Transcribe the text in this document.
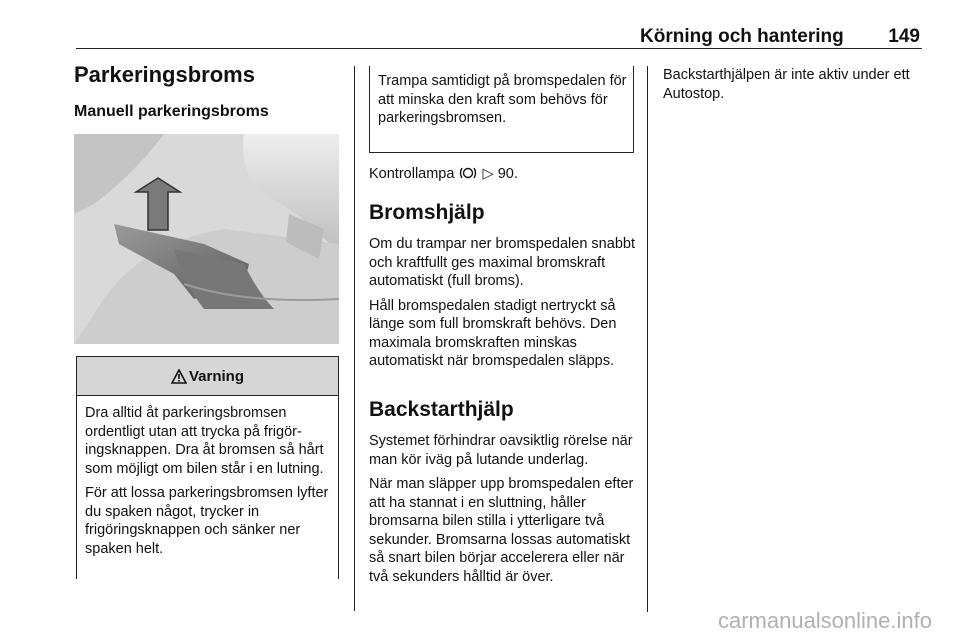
Körning och hantering 149
Parkeringsbroms
Manuell parkeringsbroms
Varning

Dra alltid åt parkeringsbromsen ordentligt utan att trycka på frigöringsknappen. Dra åt bromsen så hårt som möjligt om bilen står i en lutning.

För att lossa parkeringsbromsen lyfter du spaken något, trycker in frigöringsknappen och sänker ner spaken helt.

Trampa samtidigt på bromspedalen för att minska den kraft som behövs för parkeringsbromsen.
Kontrollampa ▷ 90.
Bromshjälp

Om du trampar ner bromspedalen snabbt och kraftfullt ges maximal bromskraft automatiskt (full broms).

Håll bromspedalen stadigt nertryckt så länge som full bromskraft behövs. Den maximala bromskraften minskas automatiskt när bromspedalen släpps.

Backstarthjälp

Systemet förhindrar oavsiktlig rörelse när man kör iväg på lutande underlag.

När man släpper upp bromspedalen efter att ha stannat i en sluttning, håller bromsarna bilen stilla i ytterligare två sekunder. Bromsarna lossas automatiskt så snart bilen börjar accelerera eller när två sekunders hålltid är över.

Backstarthjälpen är inte aktiv under ett Autostop.
carmanualsonline.info
